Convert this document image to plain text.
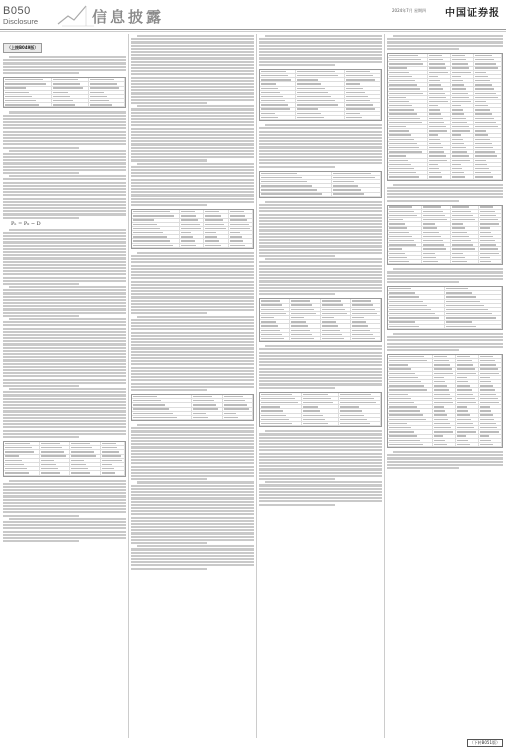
B050
Disclosure	信息披露	2024年7月 星期四 中国证券报
（上接B049版）
Pₙ = P₀ − D
（下转B051版）
